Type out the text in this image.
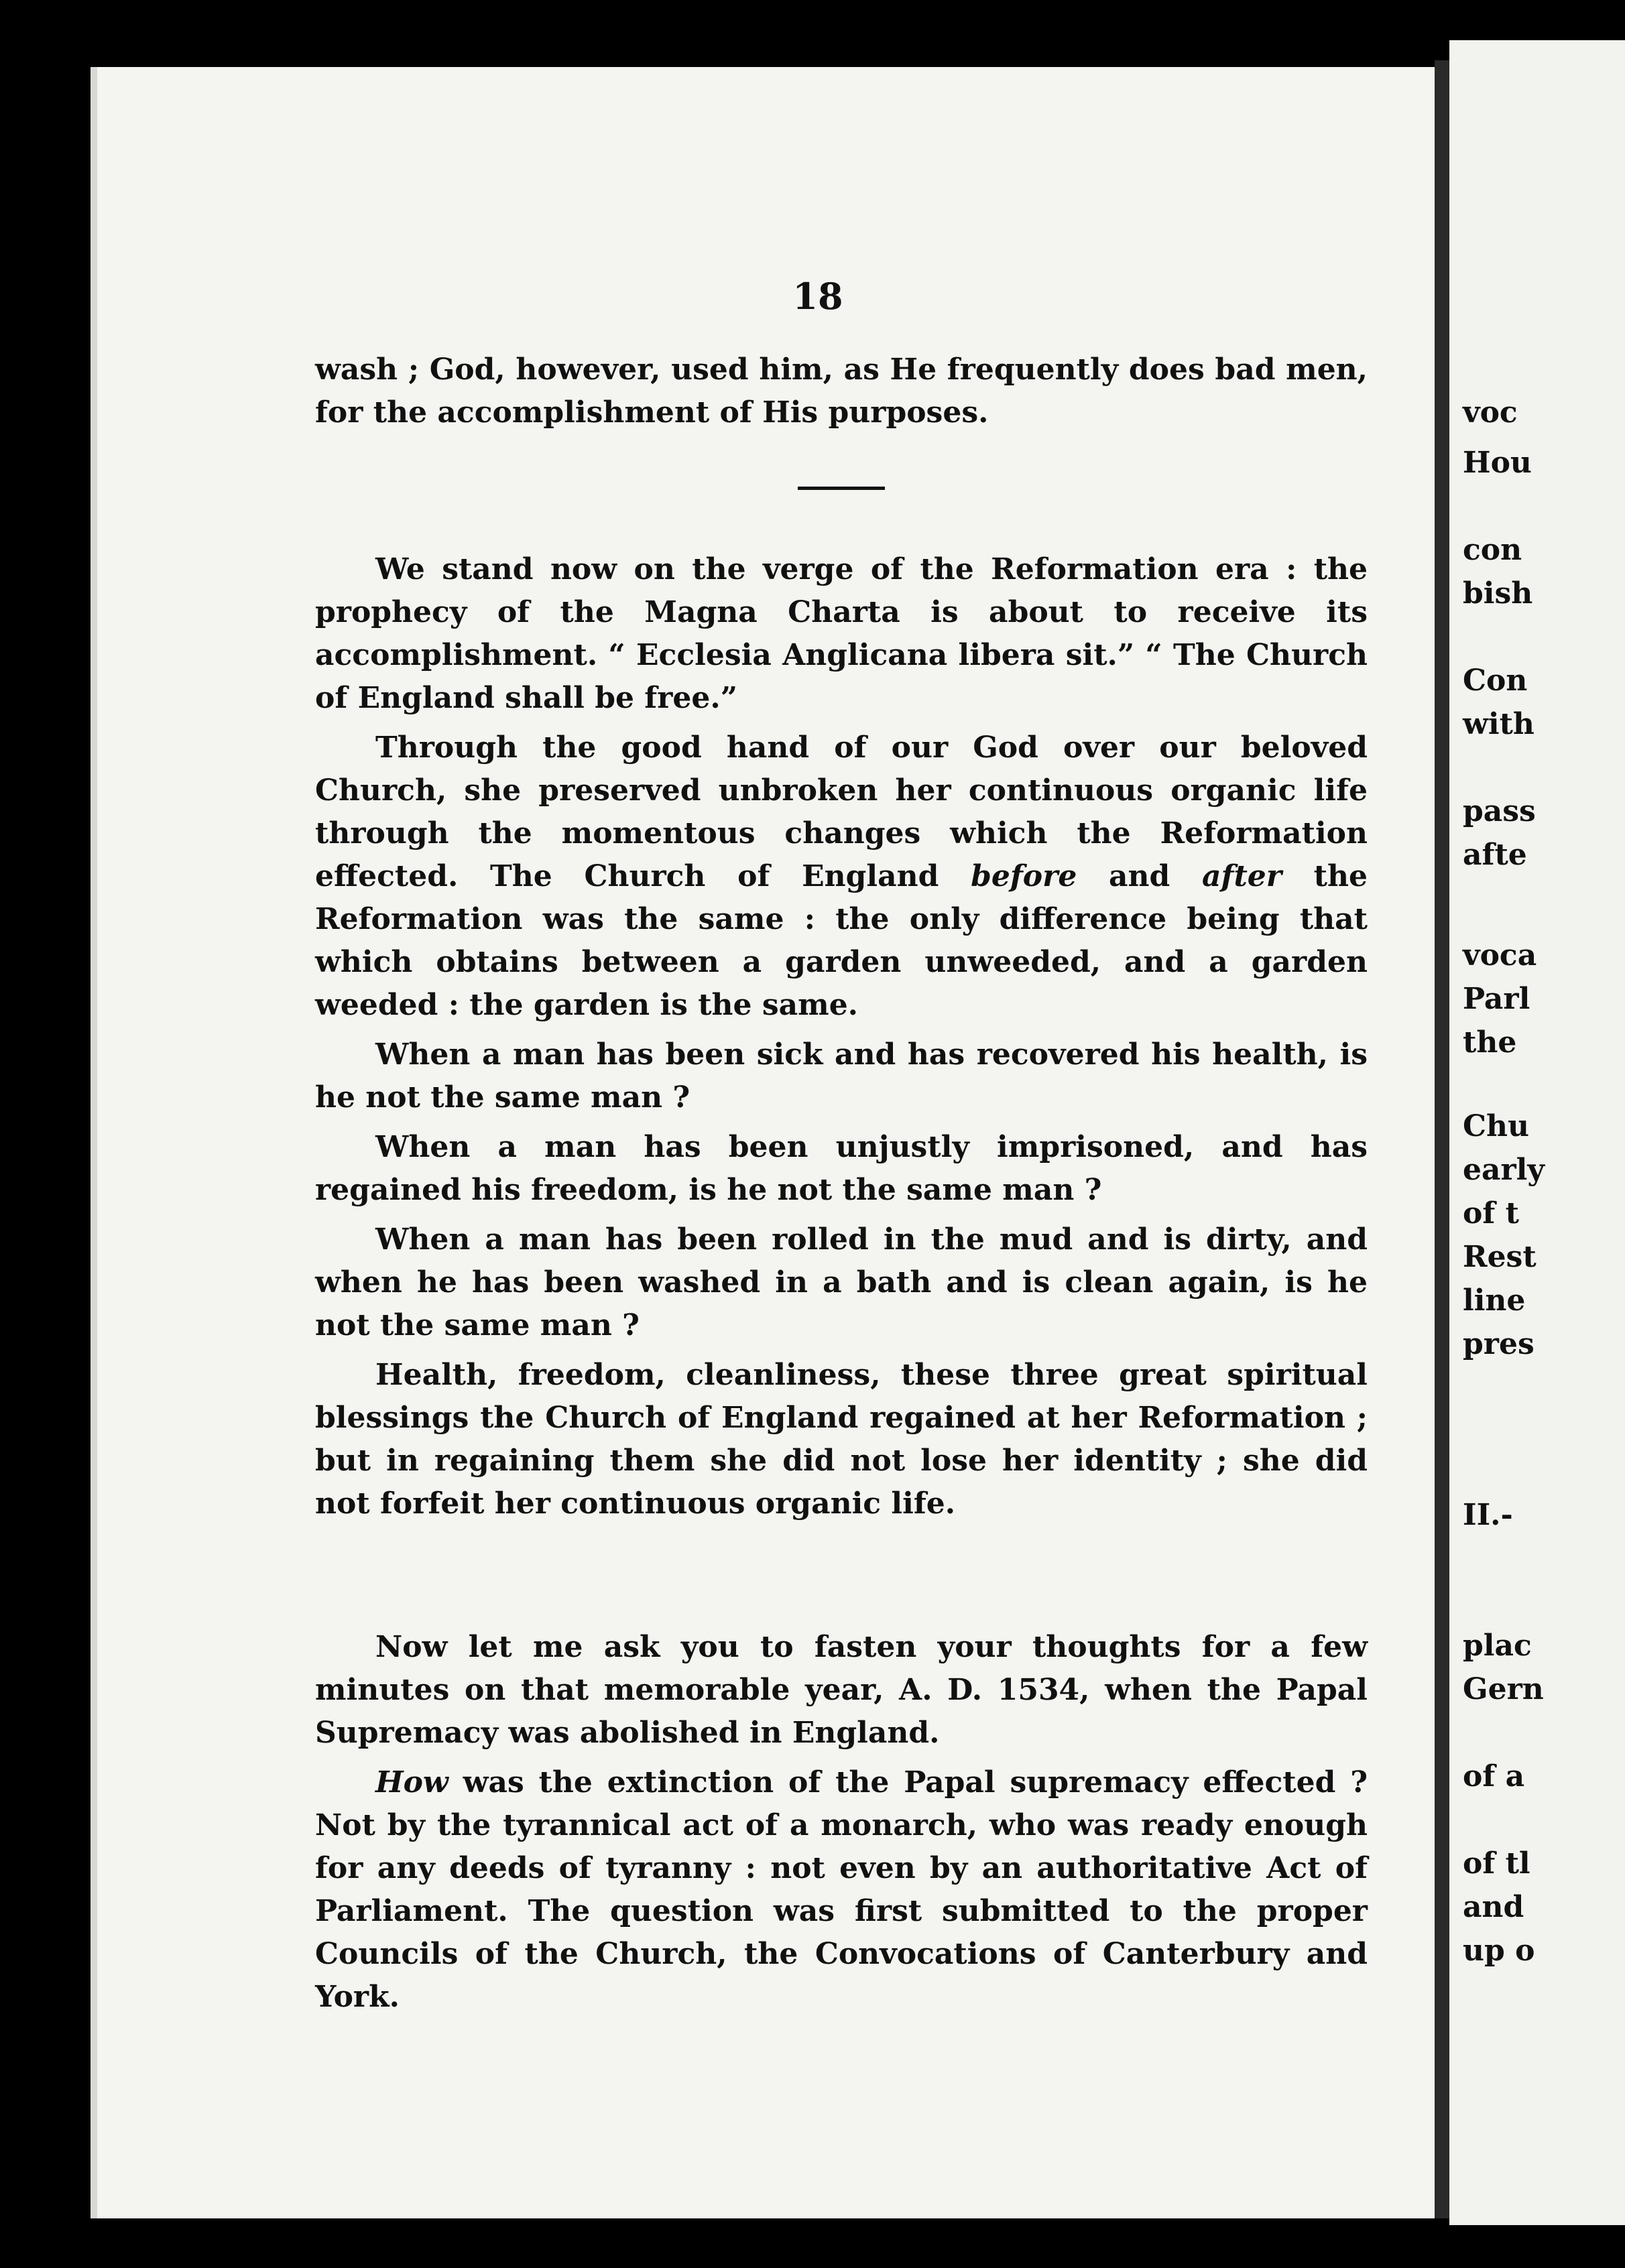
18

wash ; God, however, used him, as He frequently does bad men, for the accomplishment of His purposes.

We stand now on the verge of the Reformation era : the prophecy of the Magna Charta is about to receive its accomplishment. “ Ecclesia Anglicana libera sit.” “ The Church of England shall be free.”

Through the good hand of our God over our beloved Church, she preserved unbroken her continuous organic life through the momentous changes which the Reformation effected. The Church of England before and after the Reformation was the same : the only difference being that which obtains between a garden unweeded, and a garden weeded : the garden is the same.

When a man has been sick and has recovered his health, is he not the same man ?

When a man has been unjustly imprisoned, and has regained his freedom, is he not the same man ?

When a man has been rolled in the mud and is dirty, and when he has been washed in a bath and is clean again, is he not the same man ?

Health, freedom, cleanliness, these three great spiritual blessings the Church of England regained at her Reformation ; but in regaining them she did not lose her identity ; she did not forfeit her continuous organic life.

Now let me ask you to fasten your thoughts for a few minutes on that memorable year, A. D. 1534, when the Papal Supremacy was abolished in England.

How was the extinction of the Papal supremacy effected ? Not by the tyrannical act of a monarch, who was ready enough for any deeds of tyranny : not even by an authoritative Act of Parliament. The question was first submitted to the proper Councils of the Church, the Convocations of Canterbury and York.

voc
Hou
con
bish
Con
with
pass
afte
voca
Parl
the
Chu
early
of t
Rest
line
pres
II.-
plac
Gern
of a
of tl
and
up o
